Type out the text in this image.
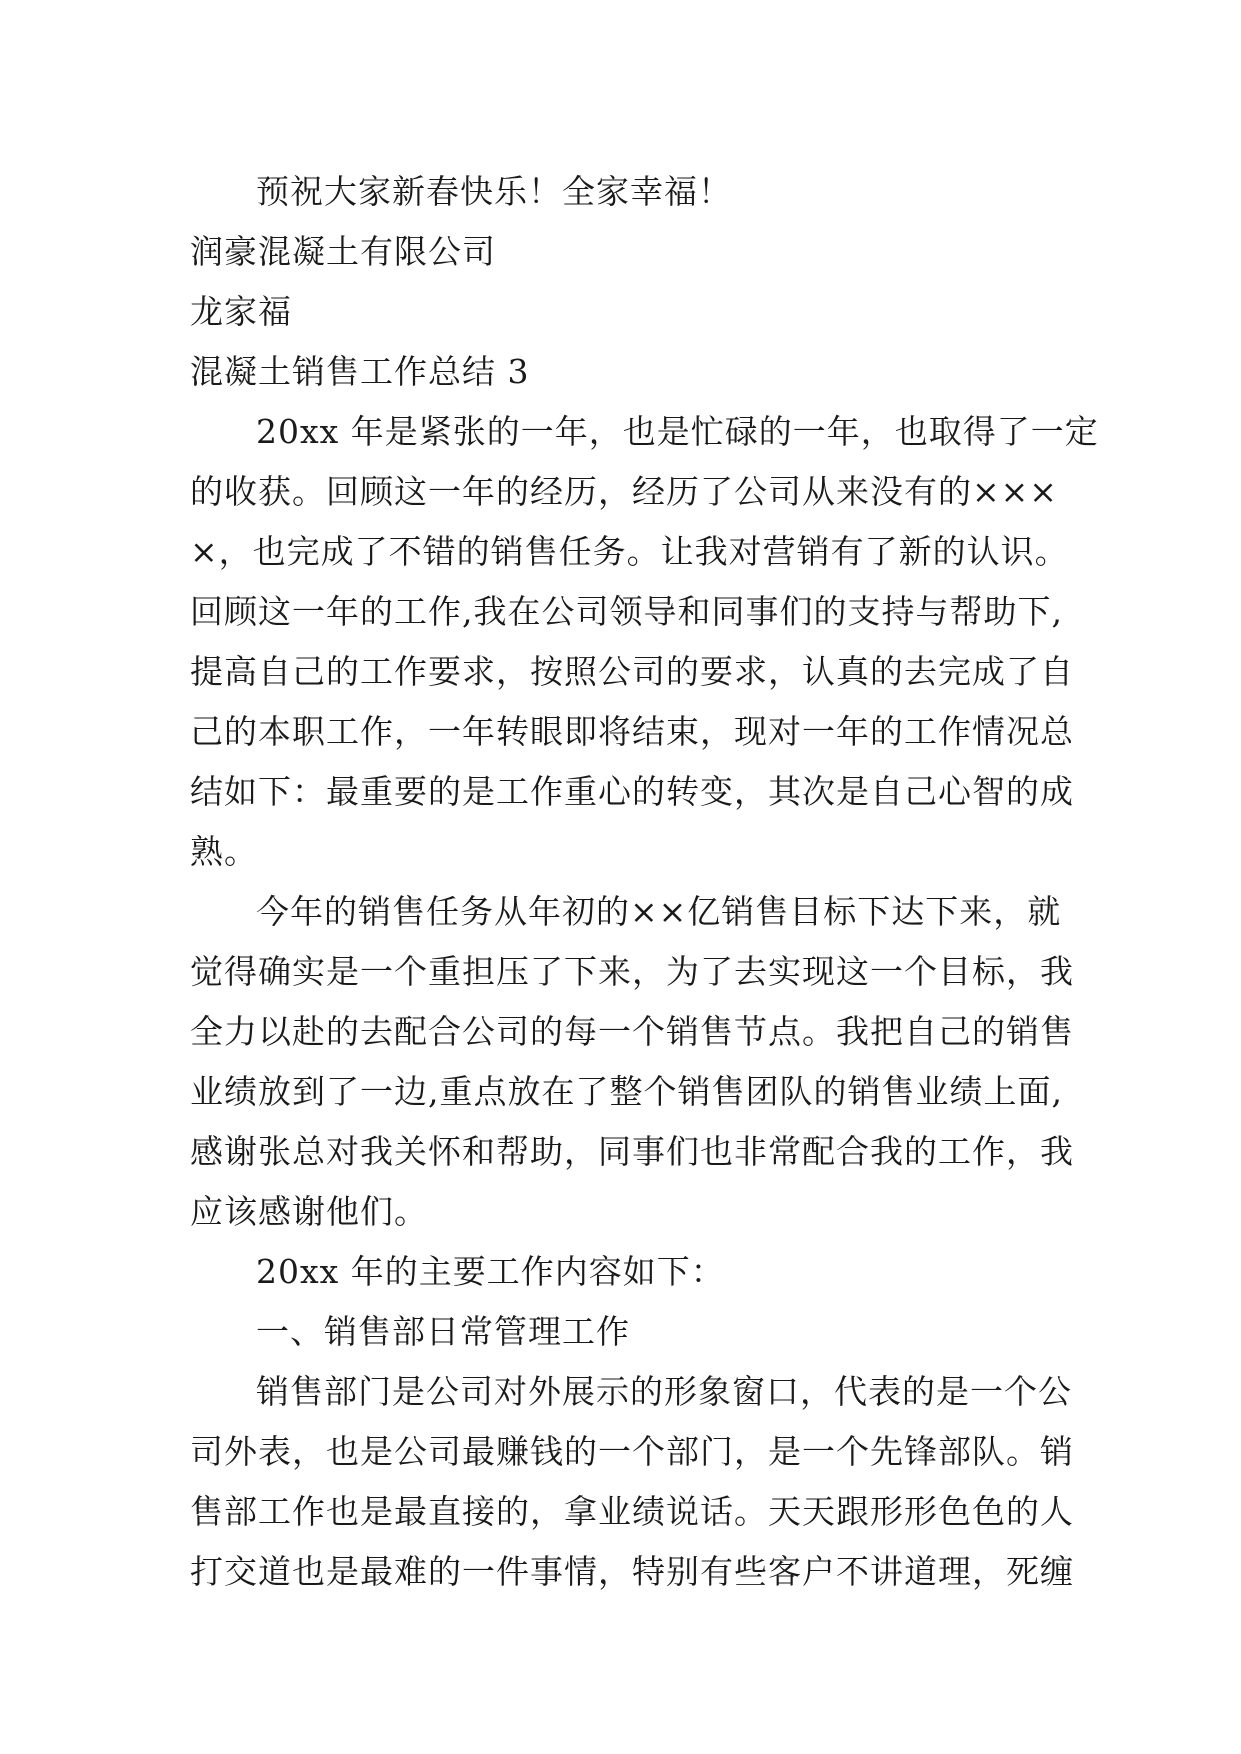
预祝大家新春快乐！全家幸福！
润豪混凝土有限公司
龙家福
混凝土销售工作总结 3
20xx 年是紧张的一年，也是忙碌的一年，也取得了一定
的收获。回顾这一年的经历，经历了公司从来没有的×××
×，也完成了不错的销售任务。让我对营销有了新的认识。
回顾这一年的工作,我在公司领导和同事们的支持与帮助下,
提高自己的工作要求，按照公司的要求，认真的去完成了自
己的本职工作，一年转眼即将结束，现对一年的工作情况总
结如下：最重要的是工作重心的转变，其次是自己心智的成
熟。
今年的销售任务从年初的××亿销售目标下达下来，就
觉得确实是一个重担压了下来，为了去实现这一个目标，我
全力以赴的去配合公司的每一个销售节点。我把自己的销售
业绩放到了一边,重点放在了整个销售团队的销售业绩上面,
感谢张总对我关怀和帮助，同事们也非常配合我的工作，我
应该感谢他们。
20xx 年的主要工作内容如下：
一、销售部日常管理工作
销售部门是公司对外展示的形象窗口，代表的是一个公
司外表，也是公司最赚钱的一个部门，是一个先锋部队。销
售部工作也是最直接的，拿业绩说话。天天跟形形色色的人
打交道也是最难的一件事情，特别有些客户不讲道理，死缠
